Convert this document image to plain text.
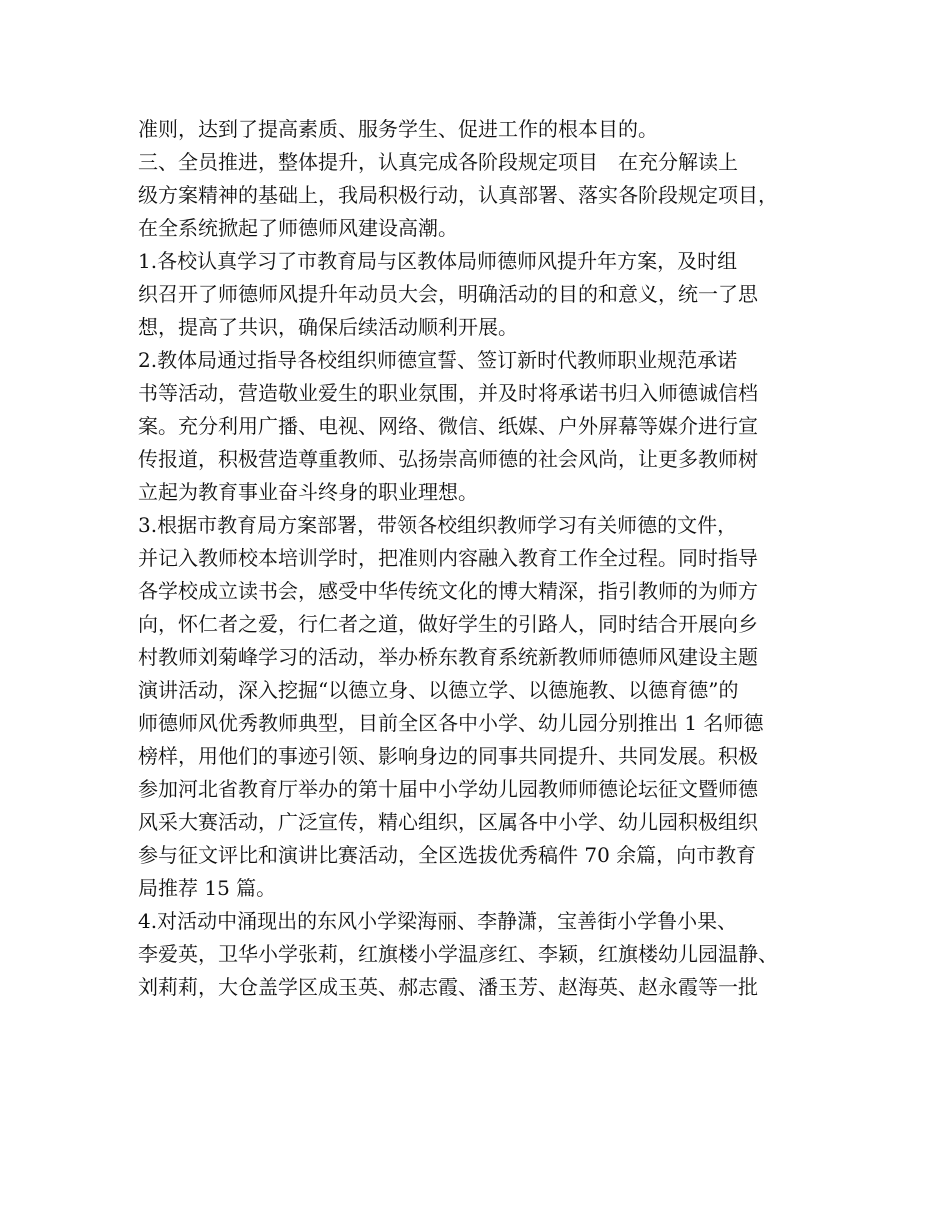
准则，达到了提高素质、服务学生、促进工作的根本目的。
三、全员推进，整体提升，认真完成各阶段规定项目　在充分解读上
级方案精神的基础上，我局积极行动，认真部署、落实各阶段规定项目，
在全系统掀起了师德师风建设高潮。
1.各校认真学习了市教育局与区教体局师德师风提升年方案，及时组
织召开了师德师风提升年动员大会，明确活动的目的和意义，统一了思
想，提高了共识，确保后续活动顺利开展。
2.教体局通过指导各校组织师德宣誓、签订新时代教师职业规范承诺
书等活动，营造敬业爱生的职业氛围，并及时将承诺书归入师德诚信档
案。充分利用广播、电视、网络、微信、纸媒、户外屏幕等媒介进行宣
传报道，积极营造尊重教师、弘扬崇高师德的社会风尚，让更多教师树
立起为教育事业奋斗终身的职业理想。
3.根据市教育局方案部署，带领各校组织教师学习有关师德的文件，
并记入教师校本培训学时，把准则内容融入教育工作全过程。同时指导
各学校成立读书会，感受中华传统文化的博大精深，指引教师的为师方
向，怀仁者之爱，行仁者之道，做好学生的引路人，同时结合开展向乡
村教师刘菊峰学习的活动，举办桥东教育系统新教师师德师风建设主题
演讲活动，深入挖掘“以德立身、以德立学、以德施教、以德育德”的
师德师风优秀教师典型，目前全区各中小学、幼儿园分别推出 1 名师德
榜样，用他们的事迹引领、影响身边的同事共同提升、共同发展。积极
参加河北省教育厅举办的第十届中小学幼儿园教师师德论坛征文暨师德
风采大赛活动，广泛宣传，精心组织，区属各中小学、幼儿园积极组织
参与征文评比和演讲比赛活动，全区选拔优秀稿件 70 余篇，向市教育
局推荐 15 篇。
4.对活动中涌现出的东风小学梁海丽、李静潇，宝善街小学鲁小果、
李爱英，卫华小学张莉，红旗楼小学温彦红、李颖，红旗楼幼儿园温静、
刘莉莉，大仓盖学区成玉英、郝志霞、潘玉芳、赵海英、赵永霞等一批
